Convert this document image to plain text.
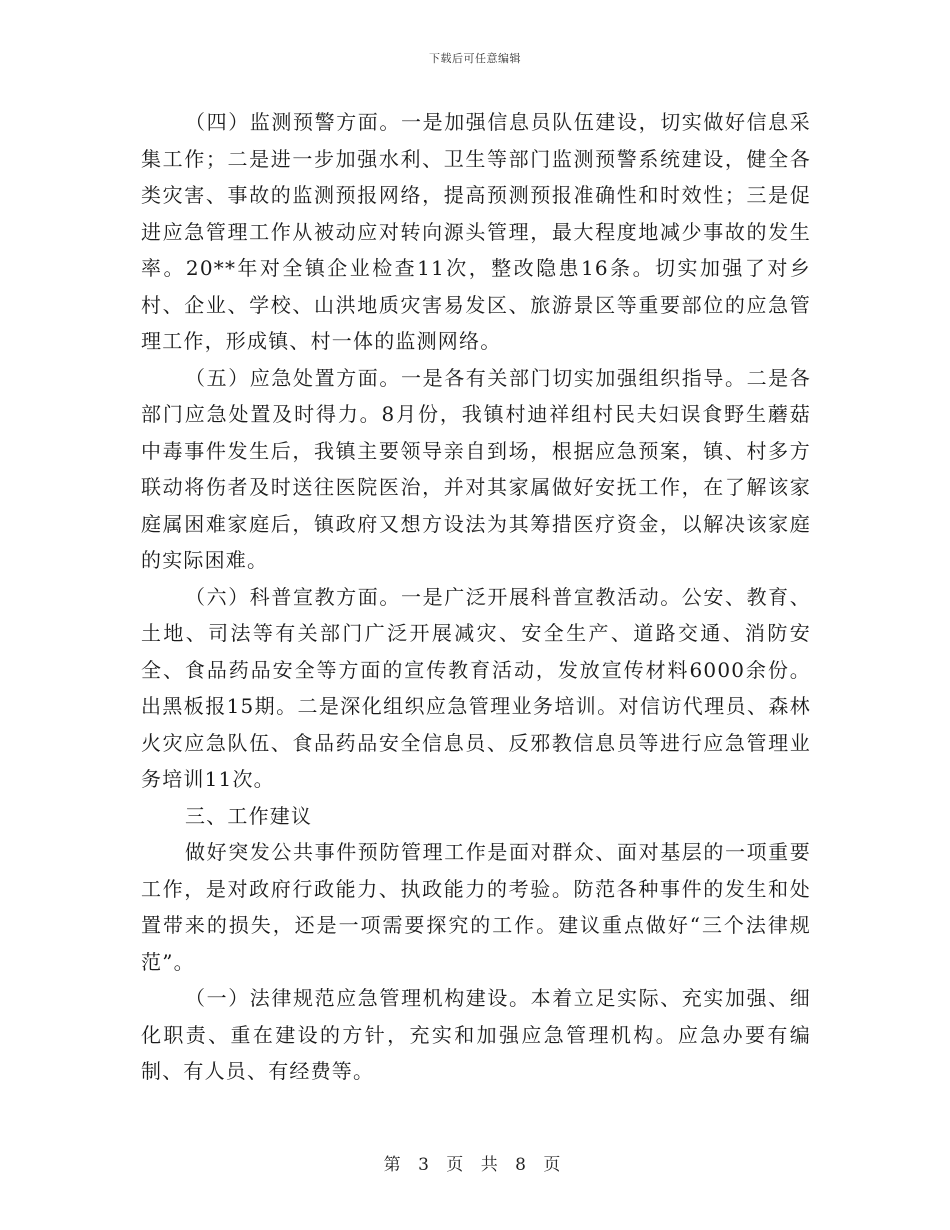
下载后可任意编辑

（四）监测预警方面。一是加强信息员队伍建设，切实做好信息采集工作；二是进一步加强水利、卫生等部门监测预警系统建设，健全各类灾害、事故的监测预报网络，提高预测预报准确性和时效性；三是促进应急管理工作从被动应对转向源头管理，最大程度地减少事故的发生率。20**年对全镇企业检查11次，整改隐患16条。切实加强了对乡村、企业、学校、山洪地质灾害易发区、旅游景区等重要部位的应急管理工作，形成镇、村一体的监测网络。

（五）应急处置方面。一是各有关部门切实加强组织指导。二是各部门应急处置及时得力。8月份，我镇村迪祥组村民夫妇误食野生蘑菇中毒事件发生后，我镇主要领导亲自到场，根据应急预案，镇、村多方联动将伤者及时送往医院医治，并对其家属做好安抚工作，在了解该家庭属困难家庭后，镇政府又想方设法为其筹措医疗资金，以解决该家庭的实际困难。

（六）科普宣教方面。一是广泛开展科普宣教活动。公安、教育、土地、司法等有关部门广泛开展减灾、安全生产、道路交通、消防安全、食品药品安全等方面的宣传教育活动，发放宣传材料6000余份。出黑板报15期。二是深化组织应急管理业务培训。对信访代理员、森林火灾应急队伍、食品药品安全信息员、反邪教信息员等进行应急管理业务培训11次。

三、工作建议

做好突发公共事件预防管理工作是面对群众、面对基层的一项重要工作，是对政府行政能力、执政能力的考验。防范各种事件的发生和处置带来的损失，还是一项需要探究的工作。建议重点做好“三个法律规范”。

（一）法律规范应急管理机构建设。本着立足实际、充实加强、细化职责、重在建设的方针，充实和加强应急管理机构。应急办要有编制、有人员、有经费等。

第 3 页 共 8 页
